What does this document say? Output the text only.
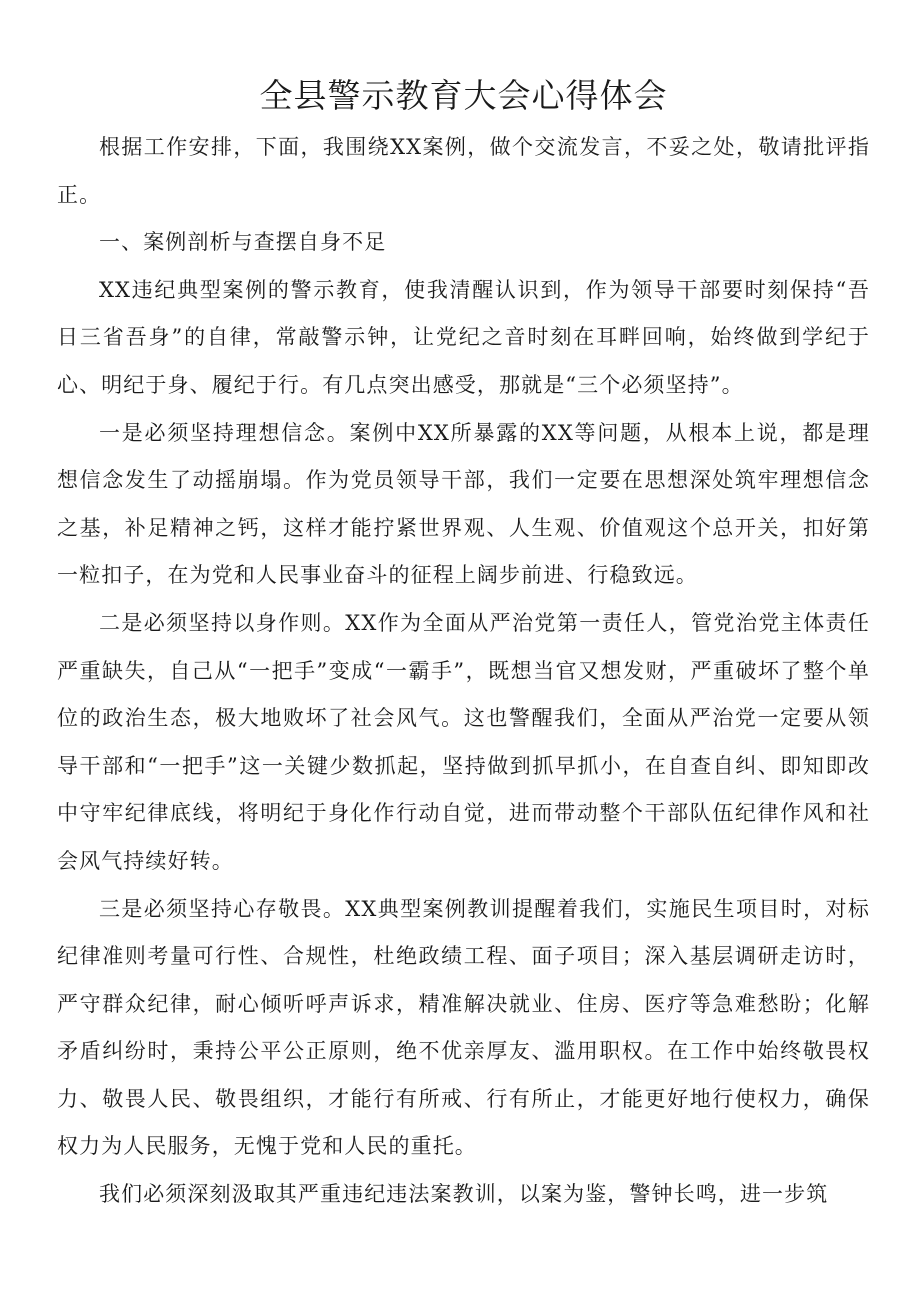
全县警示教育大会心得体会

根据工作安排，下面，我围绕XX案例，做个交流发言，不妥之处，敬请批评指正。

一、案例剖析与查摆自身不足

XX违纪典型案例的警示教育，使我清醒认识到，作为领导干部要时刻保持“吾日三省吾身”的自律，常敲警示钟，让党纪之音时刻在耳畔回响，始终做到学纪于心、明纪于身、履纪于行。有几点突出感受，那就是“三个必须坚持”。

一是必须坚持理想信念。案例中XX所暴露的XX等问题，从根本上说，都是理想信念发生了动摇崩塌。作为党员领导干部，我们一定要在思想深处筑牢理想信念之基，补足精神之钙，这样才能拧紧世界观、人生观、价值观这个总开关，扣好第一粒扣子，在为党和人民事业奋斗的征程上阔步前进、行稳致远。

二是必须坚持以身作则。XX作为全面从严治党第一责任人，管党治党主体责任严重缺失，自己从“一把手”变成“一霸手”，既想当官又想发财，严重破坏了整个单位的政治生态，极大地败坏了社会风气。这也警醒我们，全面从严治党一定要从领导干部和“一把手”这一关键少数抓起，坚持做到抓早抓小，在自查自纠、即知即改中守牢纪律底线，将明纪于身化作行动自觉，进而带动整个干部队伍纪律作风和社会风气持续好转。

三是必须坚持心存敬畏。XX典型案例教训提醒着我们，实施民生项目时，对标纪律准则考量可行性、合规性，杜绝政绩工程、面子项目；深入基层调研走访时，严守群众纪律，耐心倾听呼声诉求，精准解决就业、住房、医疗等急难愁盼；化解矛盾纠纷时，秉持公平公正原则，绝不优亲厚友、滥用职权。在工作中始终敬畏权力、敬畏人民、敬畏组织，才能行有所戒、行有所止，才能更好地行使权力，确保权力为人民服务，无愧于党和人民的重托。

我们必须深刻汲取其严重违纪违法案教训，以案为鉴，警钟长鸣，进一步筑
